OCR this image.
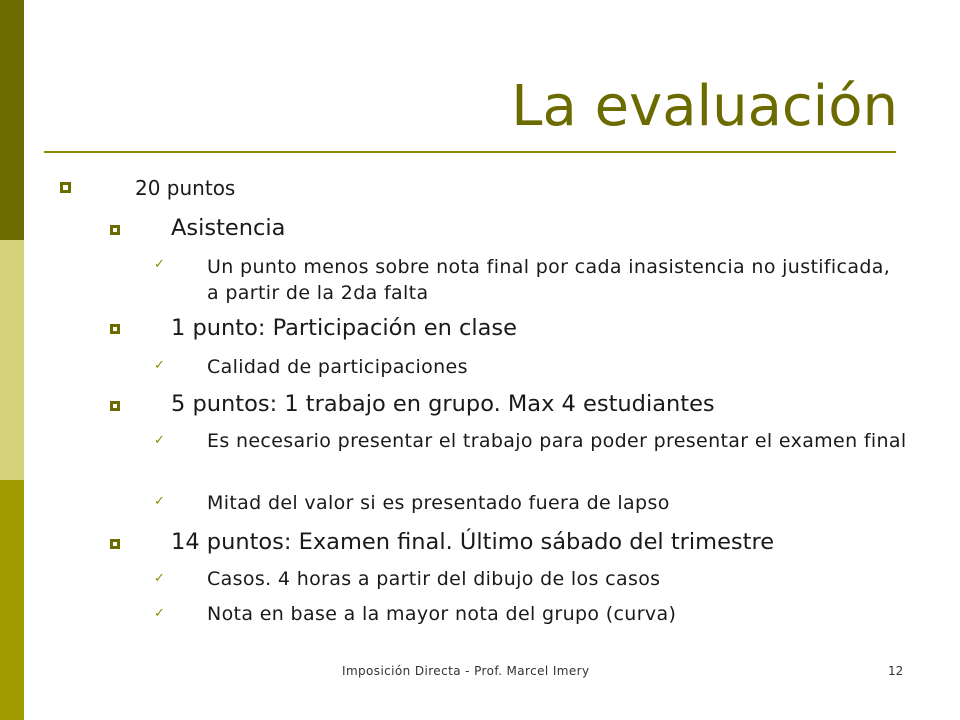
La evaluación
20 puntos
Asistencia
✓ Un punto menos sobre nota final por cada inasistencia no justificada, a partir de la 2da falta
1 punto: Participación en clase
✓ Calidad de participaciones
5 puntos: 1 trabajo en grupo. Max 4 estudiantes
✓ Es necesario presentar el trabajo para poder presentar el examen final
✓ Mitad del valor si es presentado fuera de lapso
14 puntos: Examen final. Último sábado del trimestre
✓ Casos. 4 horas a partir del dibujo de los casos
✓ Nota en base a la mayor nota del grupo (curva)
Imposición Directa - Prof. Marcel Imery	12
